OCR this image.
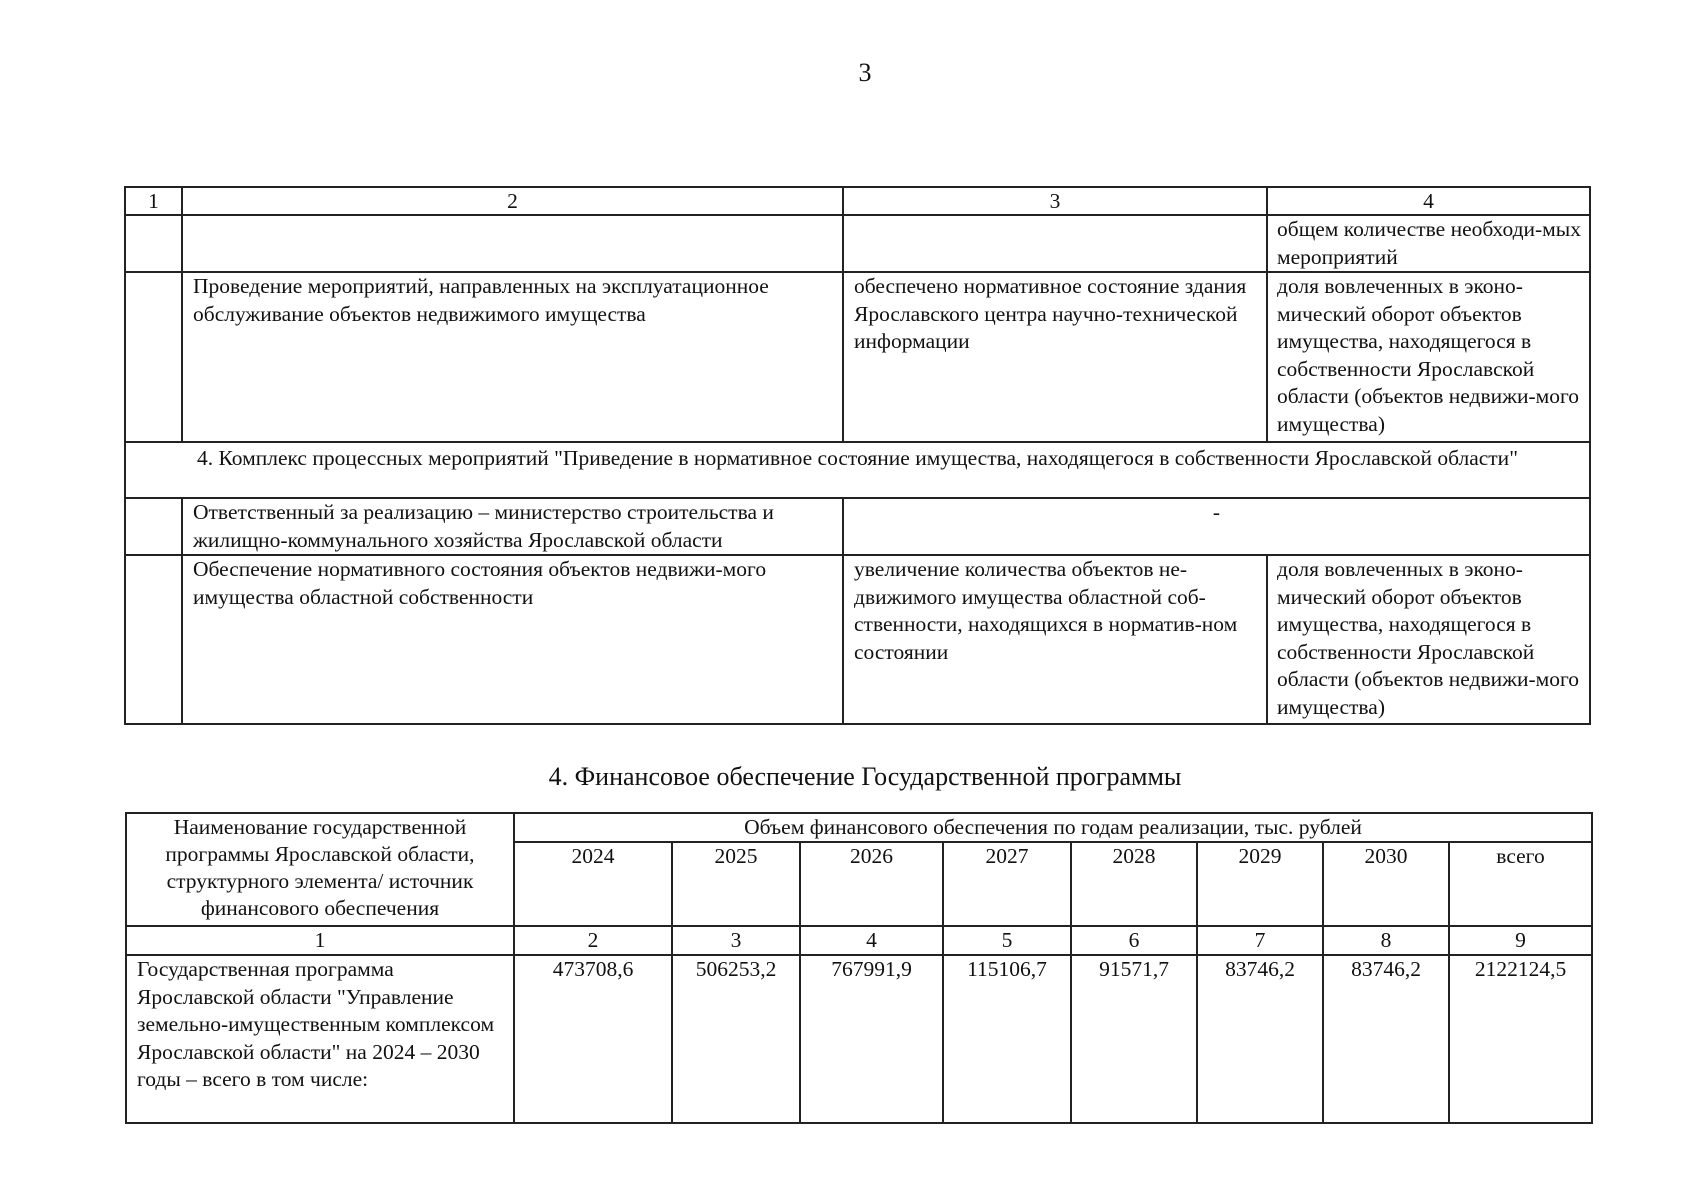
3
1	2	3	4
			общем количестве необходи-мых мероприятий
	Проведение мероприятий, направленных на эксплуатационное обслуживание объектов недвижимого имущества	обеспечено нормативное состояние здания Ярославского центра научно-технической информации	доля вовлеченных в эконо-мический оборот объектов имущества, находящегося в собственности Ярославской области (объектов недвижи-мого имущества)
4. Комплекс процессных мероприятий "Приведение в нормативное состояние имущества, находящегося в собственности Ярославской области"			
	Ответственный за реализацию – министерство строительства и жилищно-коммунального хозяйства Ярославской области	-	
	Обеспечение нормативного состояния объектов недвижи-мого имущества областной собственности	увеличение количества объектов не-движимого имущества областной соб-ственности, находящихся в норматив-ном состоянии	доля вовлеченных в эконо-мический оборот объектов имущества, находящегося в собственности Ярославской области (объектов недвижи-мого имущества)
4. Финансовое обеспечение Государственной программы
Наименование государственной программы Ярославской области, структурного элемента/ источник финансового обеспечения	Объем финансового обеспечения по годам реализации, тыс. рублей							
	2024	2025	2026	2027	2028	2029	2030	всего
1	2	3	4	5	6	7	8	9
Государственная программа Ярославской области "Управление земельно-имущественным комплексом Ярославской области" на 2024 – 2030 годы – всего в том числе:	473708,6	506253,2	767991,9	115106,7	91571,7	83746,2	83746,2	2122124,5
